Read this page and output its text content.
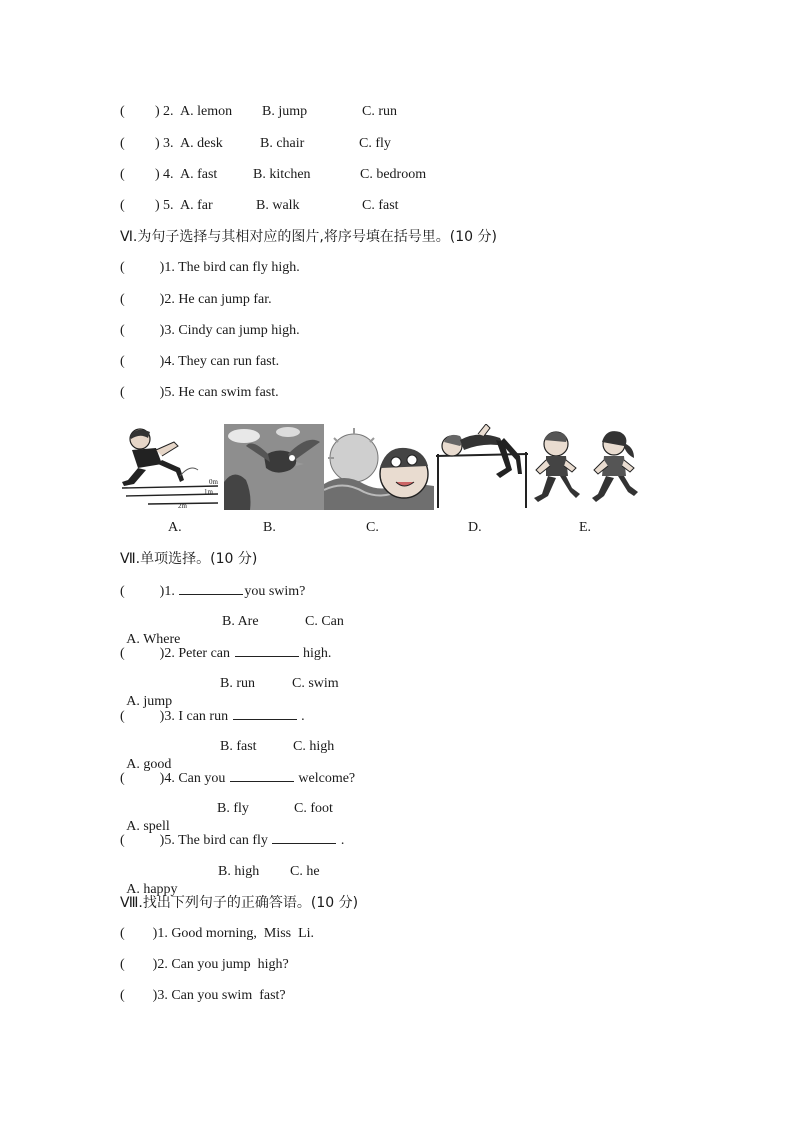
( ) 2. A. lemon B. jump	C. run
( ) 3. A. desk	B. chair	C. fly
( ) 4. A. fast	B. kitchen	C. bedroom
( ) 5. A. far	B. walk	C. fast
Ⅵ.为句子选择与其相对应的图片,将序号填在括号里。(10 分)
(          )1. The bird can fly high.
(          )2. He can jump far.
(          )3. Cindy can jump high.
(          )4. They can run fast.
(          )5. He can swim fast.
0m
1m
2m
A.	B.	C.	D.	E.
Ⅶ.单项选择。(10 分)
(          )1.	you swim?

A. Where

B. Are

	C. Can

(          )2. Peter can	high.

A. jump

B. run

	C. swim

(          )3. I can run	.

A. good

B. fast

	C. high

(          )4. Can you	welcome?

A. spell

B. fly

	C. foot

(          )5. The bird can fly	.

A. happy

B. high

C. he

Ⅷ.找出下列句子的正确答语。(10 分)
(        )1. Good morning,  Miss  Li.
(        )2. Can you jump  high?
(        )3. Can you swim  fast?
